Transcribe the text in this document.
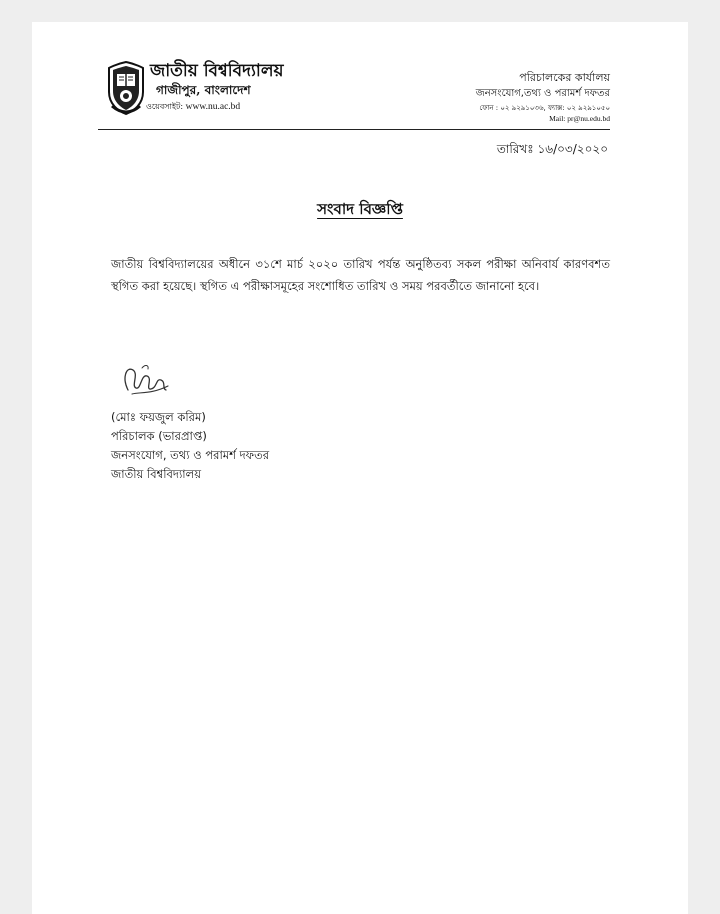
জাতীয় বিশ্ববিদ্যালয়
গাজীপুর, বাংলাদেশ
ওয়েবসাইট: www.nu.ac.bd
পরিচালকের কার্যালয়
জনসংযোগ,তথ্য ও পরামর্শ দফতর
ফোন : ০২ ৯২৯১০৩৬, ফ্যাক্স: ০২ ৯২৯১০৫০
Mail: pr@nu.edu.bd
তারিখঃ ১৬/০৩/২০২০
সংবাদ বিজ্ঞপ্তি

জাতীয় বিশ্ববিদ্যালয়ের অধীনে ৩১শে মার্চ ২০২০ তারিখ পর্যন্ত অনুষ্ঠিতব্য সকল পরীক্ষা অনিবার্য কারণবশত স্থগিত করা হয়েছে। স্থগিত এ পরীক্ষাসমূহের সংশোধিত তারিখ ও সময় পরবর্তীতে জানানো হবে।

(মোঃ ফয়জুল করিম)
পরিচালক (ভারপ্রাপ্ত)
জনসংযোগ, তথ্য ও পরামর্শ দফতর
জাতীয় বিশ্ববিদ্যালয়
